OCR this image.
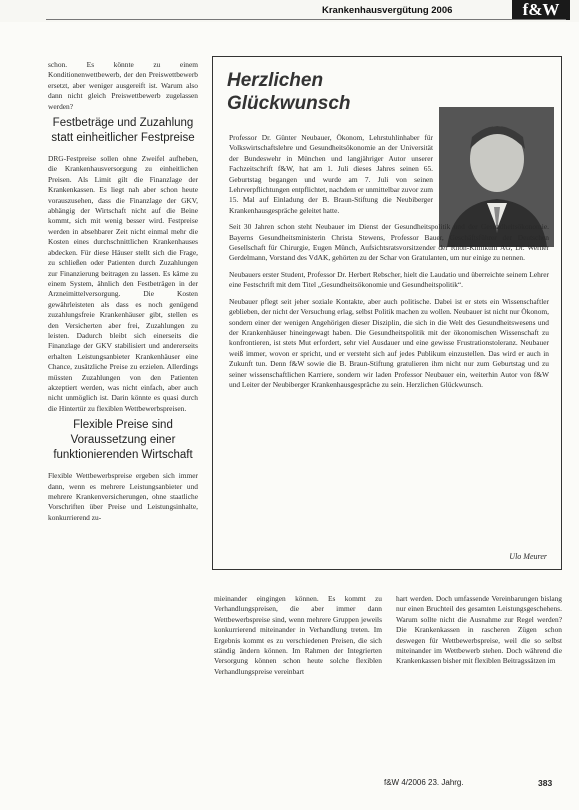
Krankenhausvergütung 2006	f&W

schon. Es könnte zu einem Konditionenwettbewerb, der den Preiswettbewerb ersetzt, aber weniger ausgereift ist. Warum also dann nicht gleich Preiswettbewerb zugelassen werden?

Festbeträge und Zuzahlung statt einheitlicher Festpreise

DRG-Festpreise sollen ohne Zweifel aufheben, die Krankenhausversorgung zu einheitlichen Preisen. Als Limit gilt die Finanzlage der Krankenkassen. Es liegt nah aber schon heute vorauszusehen, dass die Finanzlage der GKV, abhängig der Wirtschaft nicht auf die Beine kommt, sich mit wenig besser wird. Festpreise werden in absehbarer Zeit nicht einmal mehr die Kosten eines durchschnittlichen Krankenhauses abdecken. Für diese Häuser stellt sich die Frage, zu schließen oder Patienten durch Zuzahlungen zur Finanzierung beitragen zu lassen. Es käme zu einem System, ähnlich den Festbeträgen in der Arzneimittelversorgung. Die Kosten gewährleisteten als dass es noch genügend zuzahlungsfreie Krankenhäuser gibt, stellen es den Versicherten aber frei, Zuzahlungen zu leisten. Dadurch bleibt sich einerseits die Finanzlage der GKV stabilisiert und andererseits erhalten Leistungsanbieter Krankenhäuser eine Chance, zusätzliche Preise zu erzielen. Allerdings müssten Zuzahlungen von den Patienten akzeptiert werden, was nicht einfach, aber auch nicht unmöglich ist. Darin könnte es quasi durch die Hintertür zu flexiblen Wettbewerbspreisen.

Flexible Preise sind Voraussetzung einer funktionierenden Wirtschaft

Flexible Wettbewerbspreise ergeben sich immer dann, wenn es mehrere Leistungsanbieter und mehrere Krankenversicherungen, ohne staatliche Vorschriften über Preise und Leistungsinhalte, konkurrierend zu-

Herzlichen
Glückwunsch

Professor Dr. Günter Neubauer, Ökonom, Lehrstuhlinhaber für Volkswirtschaftslehre und Gesundheitsökonomie an der Universität der Bundeswehr in München und langjähriger Autor unserer Fachzeitschrift f&W, hat am 1. Juli dieses Jahres seinen 65. Geburtstag begangen und wurde am 7. Juli von seinen Lehrverpflichtungen entpflichtet, nachdem er unmittelbar zuvor zum 15. Mal auf Einladung der B. Braun-Stiftung die Neubiberger Krankenhausgespräche geleitet hatte.

Seit 30 Jahren schon steht Neubauer im Dienst der Gesundheitspolitik und der Gesundheitsökonomie. Bayerns Gesundheitsministerin Christa Stewens, Professor Bauer, Geschäftsführer der Deutschen Gesellschaft für Chirurgie, Eugen Münch, Aufsichtsratsvorsitzender der Rhön-Klinikum AG, Dr. Werner Gerdelmann, Vorstand des VdAK, gehörten zu der Schar von Gratulanten, um nur einige zu nennen.

Neubauers erster Student, Professor Dr. Herbert Rebscher, hielt die Laudatio und überreichte seinem Lehrer eine Festschrift mit dem Titel „Gesundheitsökonomie und Gesundheitspolitik“.

Neubauer pflegt seit jeher soziale Kontakte, aber auch politische. Dabei ist er stets ein Wissenschaftler geblieben, der nicht der Versuchung erlag, selbst Politik machen zu wollen. Neubauer ist nicht nur Ökonom, sondern einer der wenigen Angehörigen dieser Disziplin, die sich in die Welt des Gesundheitswesens und der Krankenhäuser hineingewagt haben. Die Gesundheitspolitik mit der ökonomischen Wissenschaft zu konfrontieren, ist stets Mut erfordert, sehr viel Ausdauer und eine gewisse Frustrationstoleranz. Neubauer weiß immer, wovon er spricht, und er versteht sich auf jedes Publikum einzustellen. Das wird er auch in Zukunft tun. Denn f&W sowie die B. Braun-Stiftung gratulieren ihm nicht nur zum Geburtstag und zu seiner wissenschaftlichen Karriere, sondern wir laden Professor Neubauer ein, weiterhin Autor von f&W und Leiter der Neubiberger Krankenhausgespräche zu sein. Herzlichen Glückwunsch.

Ulo Meurer

mieinander eingingen können. Es kommt zu Verhandlungspreisen, die aber immer dann Wettbewerbspreise sind, wenn mehrere Gruppen jeweils konkurrierend miteinander in Verhandlung treten. Im Ergebnis kommt es zu verschiedenen Preisen, die sich ständig ändern können. Im Rahmen der Integrierten Versorgung können schon heute solche flexiblen Verhandlungspreise vereinbart

hart werden. Doch umfassende Vereinbarungen bislang nur einen Bruchteil des gesamten Leistungsgeschehens. Warum sollte nicht die Ausnahme zur Regel werden? Die Krankenkassen in rascheren Zügen schon deswegen für Wettbewerbspreise, weil die so selbst miteinander im Wettbewerb stehen. Doch während die Krankenkassen bisher mit flexiblen Beitragssätzen im

f&W 4/2006 23. Jahrg.	383
